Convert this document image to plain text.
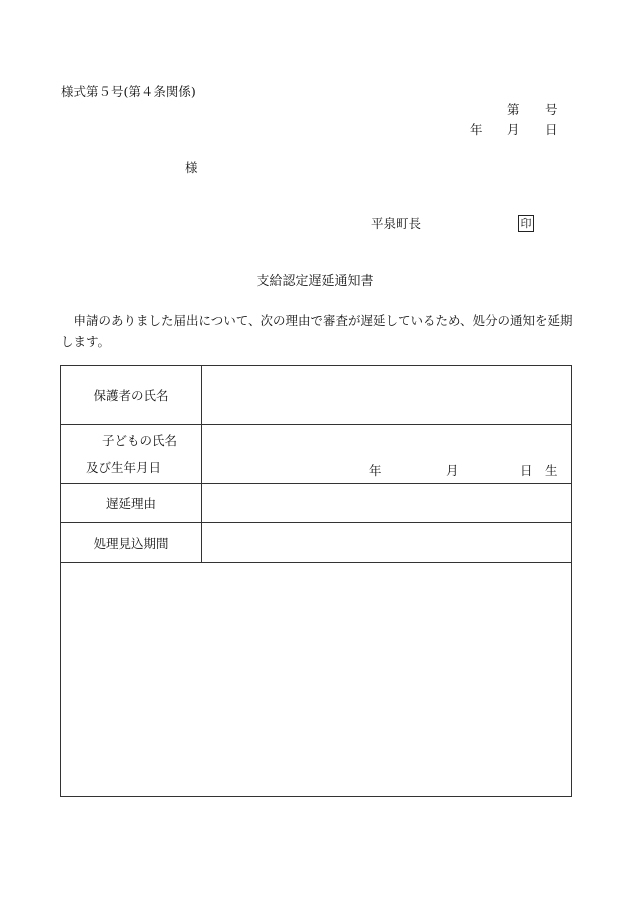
様式第５号(第４条関係)
第 号
年 月 日
様
平泉町長	印
支給認定遅延通知書
　申請のありました届出について、次の理由で審査が遅延しているため、処分の通知を延期します。
保護者の氏名	

子どもの氏名
及び生年月日	年 月 日 生

遅延理由	
処理見込期間	
